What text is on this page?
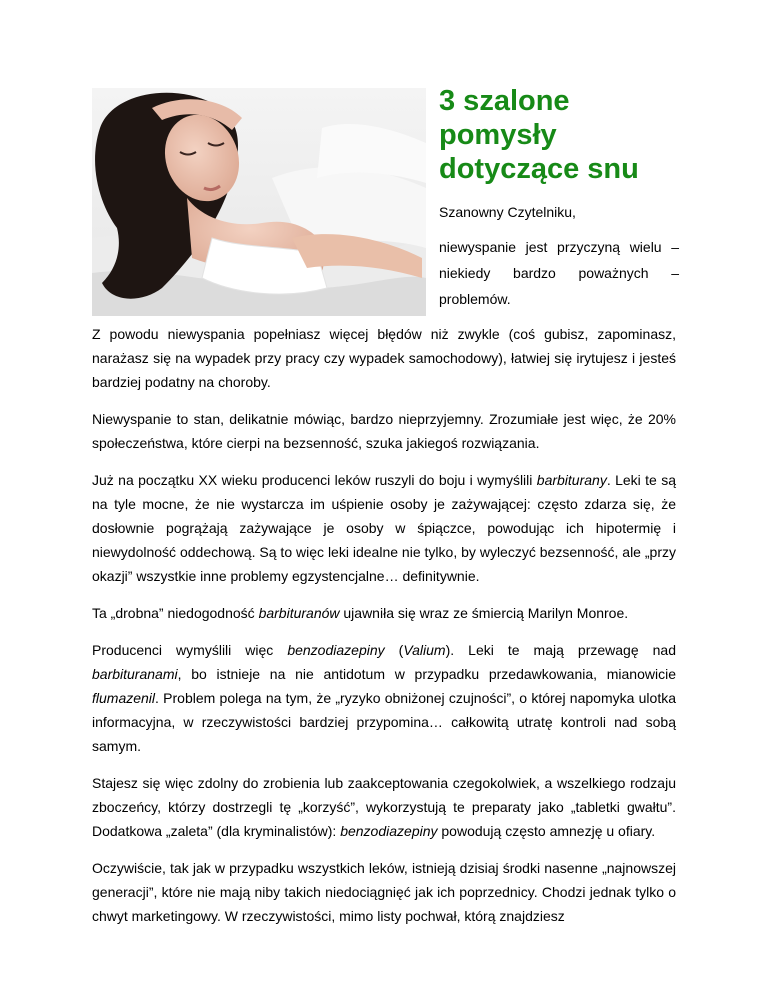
3 szalone pomysły dotyczące snu

Szanowny Czytelniku,

niewyspanie jest przyczyną wielu –
niekiedy bardzo poważnych –
problemów.

Z powodu niewyspania popełniasz więcej błędów niż zwykle (coś gubisz, zapominasz, narażasz się na wypadek przy pracy czy wypadek samochodowy), łatwiej się irytujesz i jesteś bardziej podatny na choroby.

Niewyspanie to stan, delikatnie mówiąc, bardzo nieprzyjemny. Zrozumiałe jest więc, że 20% społeczeństwa, które cierpi na bezsenność, szuka jakiegoś rozwiązania.

Już na początku XX wieku producenci leków ruszyli do boju i wymyślili barbiturany. Leki te są na tyle mocne, że nie wystarcza im uśpienie osoby je zażywającej: często zdarza się, że dosłownie pogrążają zażywające je osoby w śpiączce, powodując ich hipotermię i niewydolność oddechową. Są to więc leki idealne nie tylko, by wyleczyć bezsenność, ale „przy okazji” wszystkie inne problemy egzystencjalne… definitywnie.

Ta „drobna” niedogodność barbituranów ujawniła się wraz ze śmiercią Marilyn Monroe.

Producenci wymyślili więc benzodiazepiny (Valium). Leki te mają przewagę nad barbituranami, bo istnieje na nie antidotum w przypadku przedawkowania, mianowicie flumazenil. Problem polega na tym, że „ryzyko obniżonej czujności”, o której napomyka ulotka informacyjna, w rzeczywistości bardziej przypomina… całkowitą utratę kontroli nad sobą samym.

Stajesz się więc zdolny do zrobienia lub zaakceptowania czegokolwiek, a wszelkiego rodzaju zboczeńcy, którzy dostrzegli tę „korzyść”, wykorzystują te preparaty jako „tabletki gwałtu”. Dodatkowa „zaleta” (dla kryminalistów): benzodiazepiny powodują często amnezję u ofiary.

Oczywiście, tak jak w przypadku wszystkich leków, istnieją dzisiaj środki nasenne „najnowszej generacji”, które nie mają niby takich niedociągnięć jak ich poprzednicy. Chodzi jednak tylko o chwyt marketingowy. W rzeczywistości, mimo listy pochwał, którą znajdziesz
